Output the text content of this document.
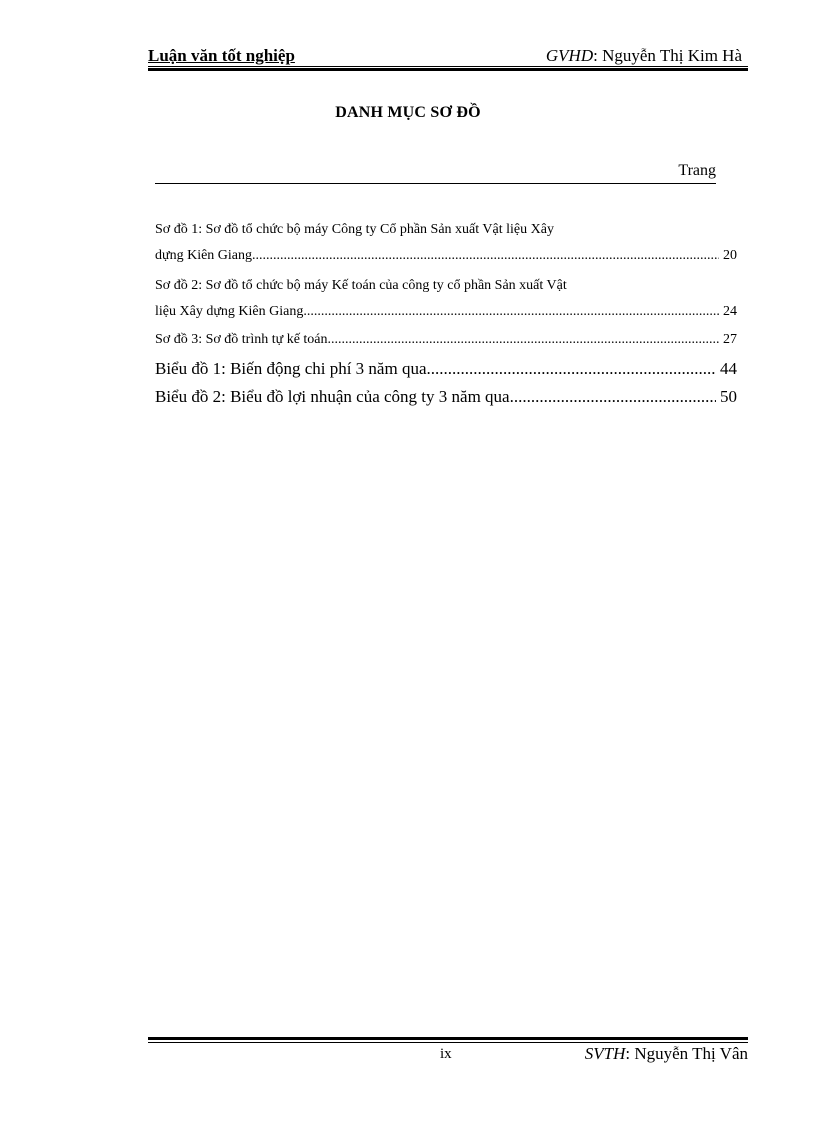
Luận văn tốt nghiệp	GVHD: Nguyễn Thị Kim Hà
DANH MỤC SƠ ĐỒ
Trang
Sơ đồ 1: Sơ đồ tổ chức bộ máy Công ty Cổ phần Sản xuất Vật liệu Xây
dựng Kiên Giang .....	20
Sơ đồ 2: Sơ đồ tổ chức bộ máy Kế toán của công ty cổ phần Sản xuất Vật
liệu Xây dựng Kiên Giang .....	24
Sơ đồ 3: Sơ đồ trình tự kế toán .....	27
Biểu đồ 1: Biến động chi phí 3 năm qua .....	44
Biểu đồ 2: Biểu đồ lợi nhuận của công ty 3 năm qua .....	50
ix	SVTH: Nguyễn Thị Vân
